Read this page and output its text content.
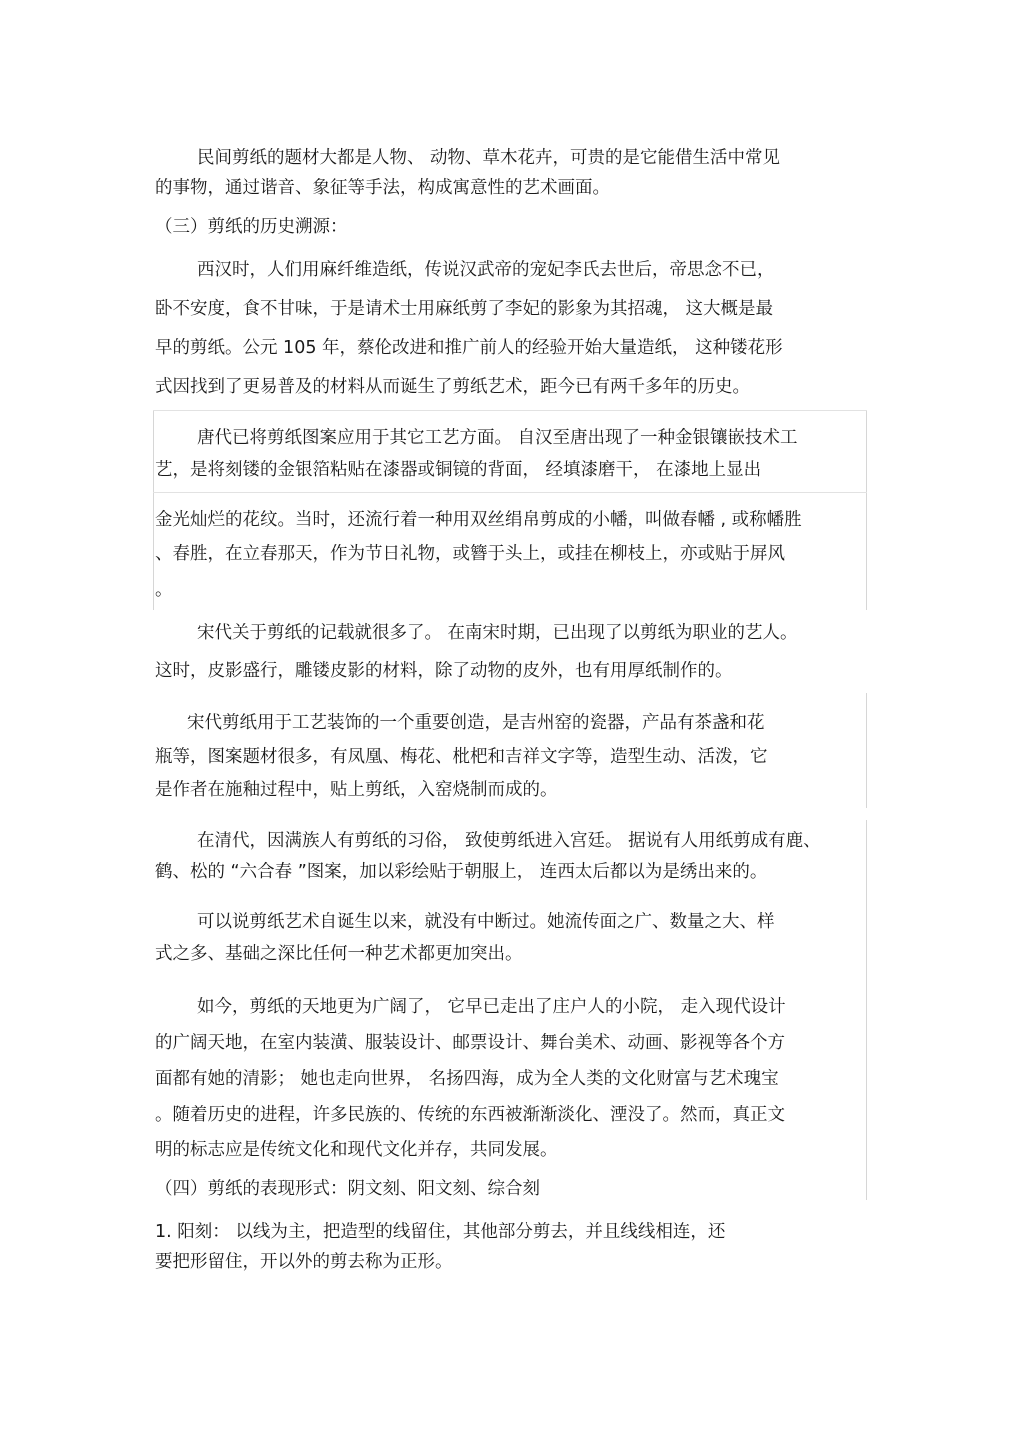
民间剪纸的题材大都是人物、 动物、草木花卉，可贵的是它能借生活中常见

的事物，通过谐音、象征等手法，构成寓意性的艺术画面。

（三）剪纸的历史溯源：

西汉时，人们用麻纤维造纸，传说汉武帝的宠妃李氏去世后，帝思念不已，

卧不安度，食不甘味，于是请术士用麻纸剪了李妃的影象为其招魂， 这大概是最

早的剪纸。公元 105 年，蔡伦改进和推广前人的经验开始大量造纸， 这种镂花形

式因找到了更易普及的材料从而诞生了剪纸艺术，距今已有两千多年的历史。

唐代已将剪纸图案应用于其它工艺方面。 自汉至唐出现了一种金银镶嵌技术工

艺，是将刻镂的金银箔粘贴在漆器或铜镜的背面， 经填漆磨干， 在漆地上显出

金光灿烂的花纹。当时，还流行着一种用双丝绢帛剪成的小幡，叫做春幡 , 或称幡胜

、春胜，在立春那天，作为节日礼物，或簪于头上，或挂在柳枝上，亦或贴于屏风

。

宋代关于剪纸的记载就很多了。 在南宋时期，已出现了以剪纸为职业的艺人。

这时，皮影盛行，雕镂皮影的材料，除了动物的皮外，也有用厚纸制作的。

宋代剪纸用于工艺装饰的一个重要创造，是吉州窑的瓷器，产品有茶盏和花

瓶等，图案题材很多，有凤凰、梅花、枇杷和吉祥文字等，造型生动、活泼，它

是作者在施釉过程中，贴上剪纸，入窑烧制而成的。

在清代，因满族人有剪纸的习俗， 致使剪纸进入宫廷。 据说有人用纸剪成有鹿、

鹤、松的 “六合春 ”图案，加以彩绘贴于朝服上， 连西太后都以为是绣出来的。

可以说剪纸艺术自诞生以来，就没有中断过。她流传面之广、数量之大、样

式之多、基础之深比任何一种艺术都更加突出。

如今，剪纸的天地更为广阔了， 它早已走出了庄户人的小院， 走入现代设计

的广阔天地，在室内装潢、服装设计、邮票设计、舞台美术、动画、影视等各个方

面都有她的清影； 她也走向世界， 名扬四海，成为全人类的文化财富与艺术瑰宝

。随着历史的进程，许多民族的、传统的东西被渐渐淡化、湮没了。然而，真正文

明的标志应是传统文化和现代文化并存，共同发展。

（四）剪纸的表现形式：阴文刻、阳文刻、综合刻

1. 阳刻： 以线为主，把造型的线留住，其他部分剪去，并且线线相连，还

要把形留住，开以外的剪去称为正形。
